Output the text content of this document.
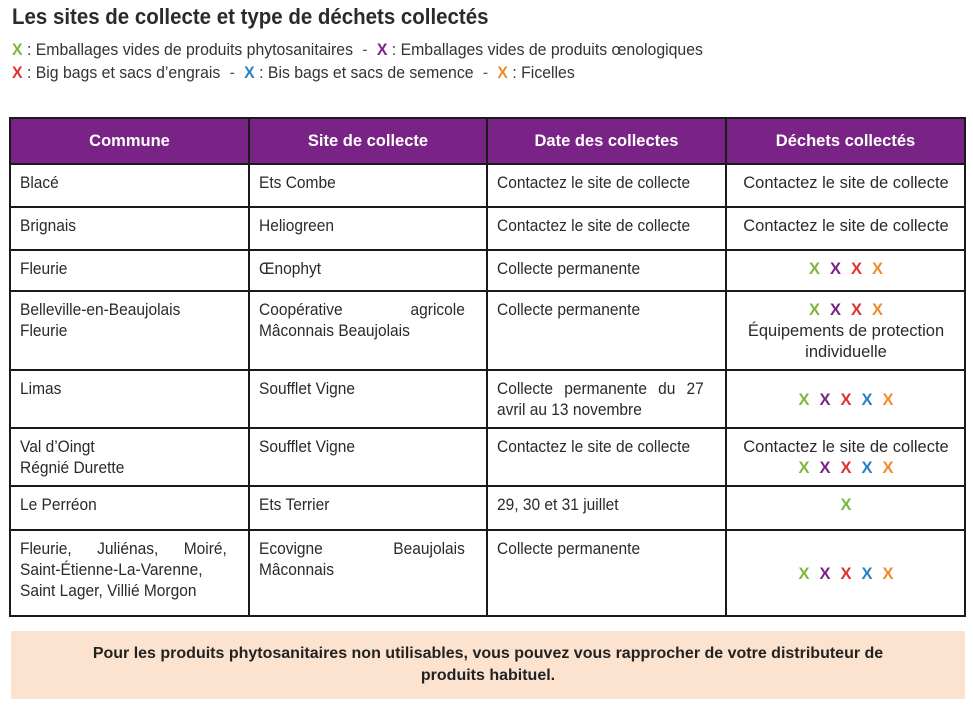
Les sites de collecte et type de déchets collectés
X : Emballages vides de produits phytosanitaires - X : Emballages vides de produits œnologiques
X : Big bags et sacs d’engrais - X : Bis bags et sacs de semence - X : Ficelles
Commune	Site de collecte	Date des collectes	Déchets collectés

Blacé	Ets Combe	Contactez le site de collecte	Contactez le site de collecte

Brignais	Heliogreen	Contactez le site de collecte	Contactez le site de collecte

Fleurie	Œnophyt	Collecte permanente	X X X X

Belleville-en-Beaujolais
Fleurie	Coopérative agricole Mâconnais Beaujolais	Collecte permanente	X X X X
Équipements de protection individuelle

Limas	Soufflet Vigne	Collecte permanente du 27 avril au 13 novembre	X X X X X

Val d’Oingt
Régnié Durette	Soufflet Vigne	Contactez le site de collecte	Contactez le site de collecte
X X X X X

Le Perréon	Ets Terrier	29, 30 et 31 juillet	X

Fleurie, Juliénas, Moiré, Saint-Étienne-La-Varenne, Saint Lager, Villié Morgon	Ecovigne Beaujolais Mâconnais	Collecte permanente	X X X X X
Pour les produits phytosanitaires non utilisables, vous pouvez vous rapprocher de votre distributeur de produits habituel.
